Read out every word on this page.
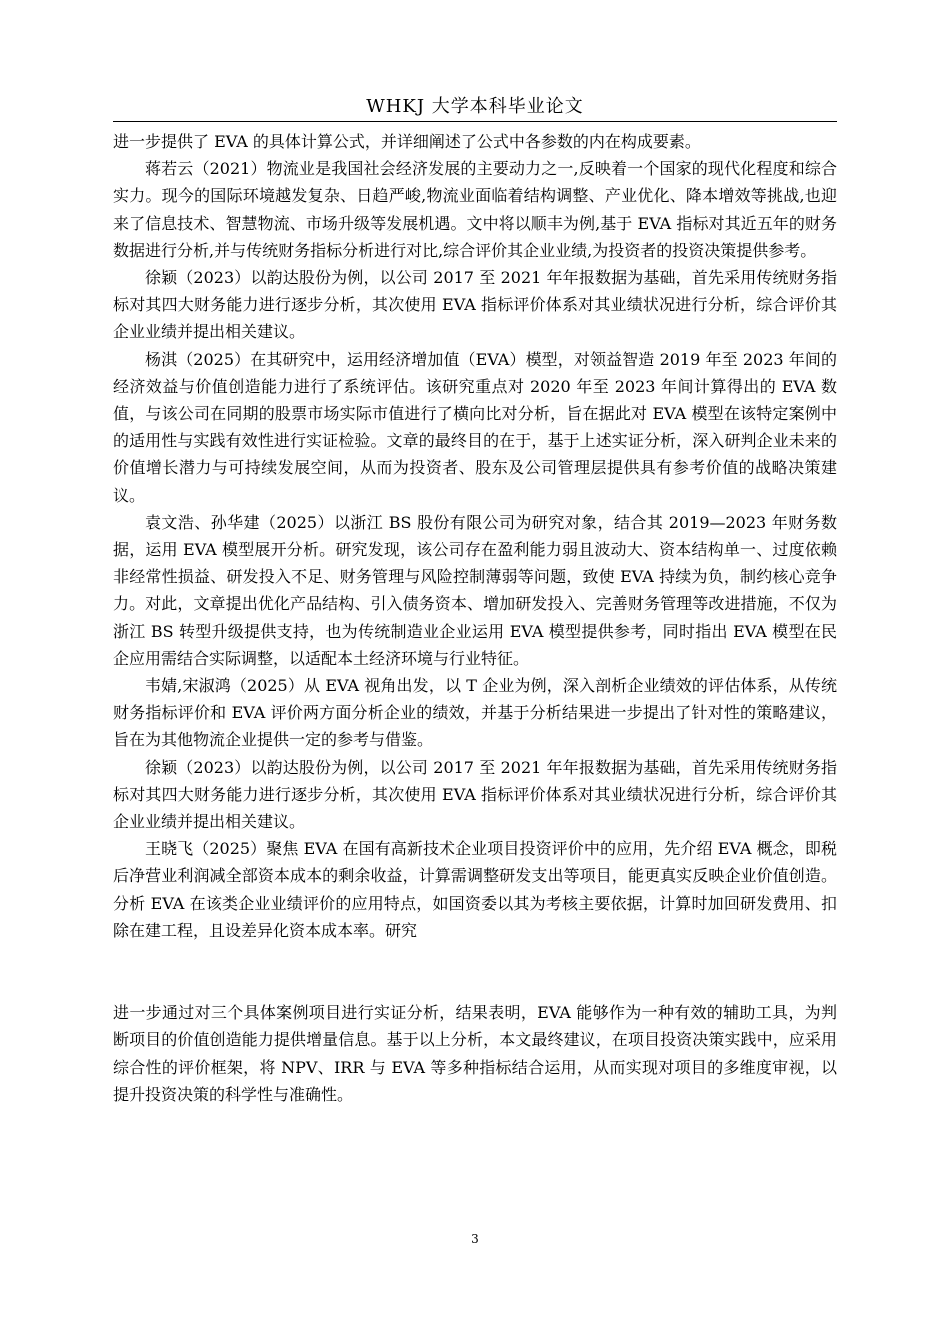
WHKJ 大学本科毕业论文

进一步提供了 EVA 的具体计算公式，并详细阐述了公式中各参数的内在构成要素。

蒋若云（2021）物流业是我国社会经济发展的主要动力之一,反映着一个国家的现代化程度和综合实力。现今的国际环境越发复杂、日趋严峻,物流业面临着结构调整、产业优化、降本增效等挑战,也迎来了信息技术、智慧物流、市场升级等发展机遇。文中将以顺丰为例,基于 EVA 指标对其近五年的财务数据进行分析,并与传统财务指标分析进行对比,综合评价其企业业绩,为投资者的投资决策提供参考。

徐颖（2023）以韵达股份为例，以公司 2017 至 2021 年年报数据为基础，首先采用传统财务指标对其四大财务能力进行逐步分析，其次使用 EVA 指标评价体系对其业绩状况进行分析，综合评价其企业业绩并提出相关建议。

杨淇（2025）在其研究中，运用经济增加值（EVA）模型，对领益智造 2019 年至 2023 年间的经济效益与价值创造能力进行了系统评估。该研究重点对 2020 年至 2023 年间计算得出的 EVA 数值，与该公司在同期的股票市场实际市值进行了横向比对分析，旨在据此对 EVA 模型在该特定案例中的适用性与实践有效性进行实证检验。文章的最终目的在于，基于上述实证分析，深入研判企业未来的价值增长潜力与可持续发展空间，从而为投资者、股东及公司管理层提供具有参考价值的战略决策建议。

袁文浩、孙华建（2025）以浙江 BS 股份有限公司为研究对象，结合其 2019—2023 年财务数据，运用 EVA 模型展开分析。研究发现，该公司存在盈利能力弱且波动大、资本结构单一、过度依赖非经常性损益、研发投入不足、财务管理与风险控制薄弱等问题，致使 EVA 持续为负，制约核心竞争力。对此，文章提出优化产品结构、引入债务资本、增加研发投入、完善财务管理等改进措施，不仅为浙江 BS 转型升级提供支持，也为传统制造业企业运用 EVA 模型提供参考，同时指出 EVA 模型在民企应用需结合实际调整，以适配本土经济环境与行业特征。

韦婧,宋淑鸿（2025）从 EVA 视角出发，以 T 企业为例，深入剖析企业绩效的评估体系，从传统财务指标评价和 EVA 评价两方面分析企业的绩效，并基于分析结果进一步提出了针对性的策略建议，旨在为其他物流企业提供一定的参考与借鉴。

徐颖（2023）以韵达股份为例，以公司 2017 至 2021 年年报数据为基础，首先采用传统财务指标对其四大财务能力进行逐步分析，其次使用 EVA 指标评价体系对其业绩状况进行分析，综合评价其企业业绩并提出相关建议。

王晓飞（2025）聚焦 EVA 在国有高新技术企业项目投资评价中的应用，先介绍 EVA 概念，即税后净营业利润减全部资本成本的剩余收益，计算需调整研发支出等项目，能更真实反映企业价值创造。分析 EVA 在该类企业业绩评价的应用特点，如国资委以其为考核主要依据，计算时加回研发费用、扣除在建工程，且设差异化资本成本率。研究

进一步通过对三个具体案例项目进行实证分析，结果表明，EVA 能够作为一种有效的辅助工具，为判断项目的价值创造能力提供增量信息。基于以上分析，本文最终建议，在项目投资决策实践中，应采用综合性的评价框架，将 NPV、IRR 与 EVA 等多种指标结合运用，从而实现对项目的多维度审视，以提升投资决策的科学性与准确性。

3
